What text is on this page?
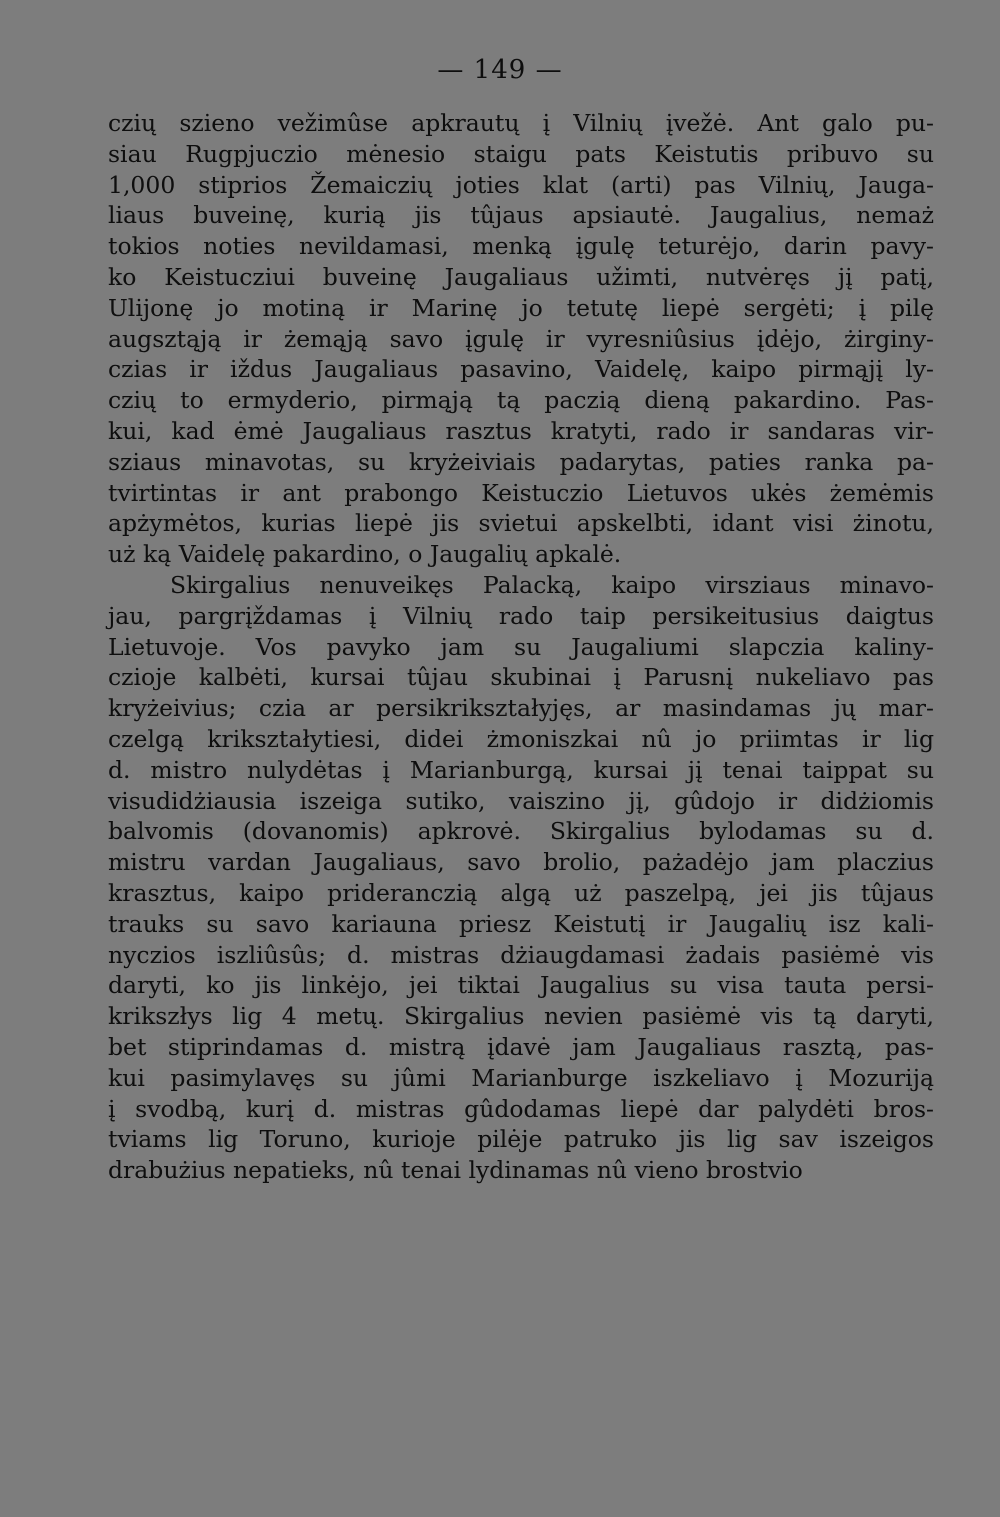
— 149 —
czių szieno vežimûse apkrautų į Vilnių įvežė. Ant galo pu-
siau Rugpjuczio mėnesio staigu pats Keistutis pribuvo su
1,000 stiprios Žemaiczių joties klat (arti) pas Vilnių, Jauga-
liaus buveinę, kurią jis tûjaus apsiautė. Jaugalius, nemaż
tokios noties nevildamasi, menką įgulę teturėjo, darin pavy-
ko Keistucziui buveinę Jaugaliaus užimti, nutvėręs jį patį,
Ulijonę jo motiną ir Marinę jo tetutę liepė sergėti; į pilę
augsztąją ir żemąją savo įgulę ir vyresniûsius įdėjo, żirginy-
czias ir iždus Jaugaliaus pasavino, Vaidelę, kaipo pirmąjį ly-
czių to ermyderio, pirmąją tą paczią dieną pakardino. Pas-
kui, kad ėmė Jaugaliaus rasztus kratyti, rado ir sandaras vir-
sziaus minavotas, su kryżeiviais padarytas, paties ranka pa-
tvirtintas ir ant prabongo Keistuczio Lietuvos ukės żemėmis
apżymėtos, kurias liepė jis svietui apskelbti, idant visi żinotu,
uż ką Vaidelę pakardino, o Jaugalių apkalė.
Skirgalius nenuveikęs Palacką, kaipo virsziaus minavo-
jau, pargrįždamas į Vilnių rado taip persikeitusius daigtus
Lietuvoje. Vos pavyko jam su Jaugaliumi slapczia kaliny-
czioje kalbėti, kursai tûjau skubinai į Parusnį nukeliavo pas
kryżeivius; czia ar persikrikształyjęs, ar masindamas jų mar-
czelgą krikształytiesi, didei żmoniszkai nû jo priimtas ir lig
d. mistro nulydėtas į Marianburgą, kursai jį tenai taippat su
visudidżiausia iszeiga sutiko, vaiszino jį, gûdojo ir didżiomis
balvomis (dovanomis) apkrovė. Skirgalius bylodamas su d.
mistru vardan Jaugaliaus, savo brolio, pażadėjo jam placzius
krasztus, kaipo prideranczią algą uż paszelpą, jei jis tûjaus
trauks su savo kariauna priesz Keistutį ir Jaugalių isz kali-
nyczios iszliûsûs; d. mistras dżiaugdamasi żadais pasiėmė vis
daryti, ko jis linkėjo, jei tiktai Jaugalius su visa tauta persi-
krikszłys lig 4 metų. Skirgalius nevien pasiėmė vis tą daryti,
bet stiprindamas d. mistrą įdavė jam Jaugaliaus rasztą, pas-
kui pasimylavęs su jûmi Marianburge iszkeliavo į Mozuriją
į svodbą, kurį d. mistras gûdodamas liepė dar palydėti bros-
tviams lig Toruno, kurioje pilėje patruko jis lig sav iszeigos
drabużius nepatieks, nû tenai lydinamas nû vieno brostvio
